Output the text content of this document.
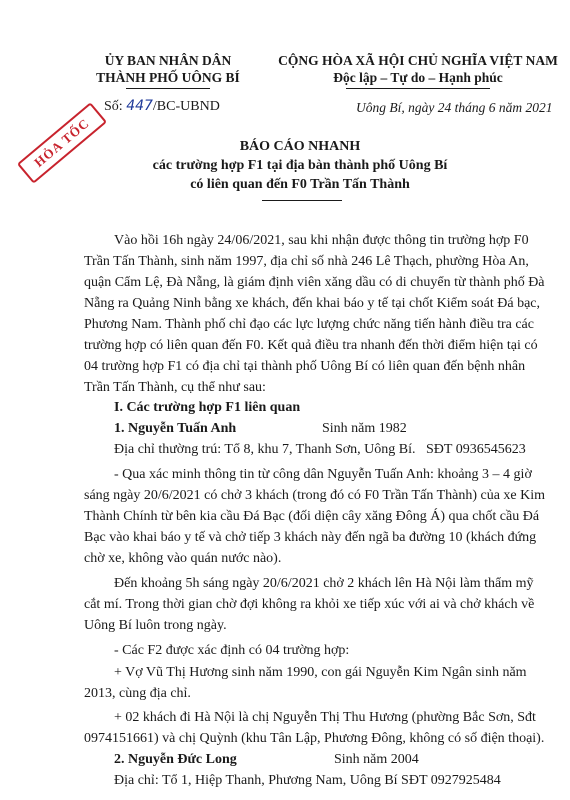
ỦY BAN NHÂN DÂN
THÀNH PHỐ UÔNG BÍ
Số: 447/BC-UBND
CỘNG HÒA XÃ HỘI CHỦ NGHĨA VIỆT NAM
Độc lập – Tự do – Hạnh phúc
Uông Bí, ngày 24 tháng 6 năm 2021
HỎA TỐC	BÁO CÁO NHANH
các trường hợp F1 tại địa bàn thành phố Uông Bí
có liên quan đến F0 Trần Tấn Thành
Vào hồi 16h ngày 24/06/2021, sau khi nhận được thông tin trường hợp F0
Trần Tấn Thành, sinh năm 1997, địa chỉ số nhà 246 Lê Thạch, phường Hòa An,
quận Cẩm Lệ, Đà Nẵng, là giám định viên xăng dầu có di chuyển từ thành phố Đà
Nẵng ra Quảng Ninh bằng xe khách, đến khai báo y tế tại chốt Kiểm soát Đá bạc,
Phương Nam. Thành phố chỉ đạo các lực lượng chức năng tiến hành điều tra các
trường hợp có liên quan đến F0. Kết quả điều tra nhanh đến thời điểm hiện tại có
04 trường hợp F1 có địa chỉ tại thành phố Uông Bí có liên quan đến bệnh nhân
Trần Tấn Thành, cụ thể như sau:
I. Các trường hợp F1 liên quan
1. Nguyễn Tuấn Anh	Sinh năm 1982
Địa chỉ thường trú: Tổ 8, khu 7, Thanh Sơn, Uông Bí. SĐT 0936545623
- Qua xác minh thông tin từ công dân Nguyễn Tuấn Anh: khoảng 3 – 4 giờ
sáng ngày 20/6/2021 có chở 3 khách (trong đó có F0 Trần Tấn Thành) của xe Kim
Thành Chính từ bên kia cầu Đá Bạc (đối diện cây xăng Đông Á) qua chốt cầu Đá
Bạc vào khai báo y tế và chở tiếp 3 khách này đến ngã ba đường 10 (khách đứng
chờ xe, không vào quán nước nào).
Đến khoảng 5h sáng ngày 20/6/2021 chở 2 khách lên Hà Nội làm thẩm mỹ
cắt mí. Trong thời gian chờ đợi không ra khỏi xe tiếp xúc với ai và chở khách về
Uông Bí luôn trong ngày.
- Các F2 được xác định có 04 trường hợp:
+ Vợ Vũ Thị Hương sinh năm 1990, con gái Nguyễn Kim Ngân sinh năm
2013, cùng địa chỉ.
+ 02 khách đi Hà Nội là chị Nguyễn Thị Thu Hương (phường Bắc Sơn, Sđt
0974151661) và chị Quỳnh (khu Tân Lập, Phương Đông, không có số điện thoại).
2. Nguyễn Đức Long	Sinh năm 2004
Địa chỉ: Tổ 1, Hiệp Thanh, Phương Nam, Uông Bí SĐT 0927925484
